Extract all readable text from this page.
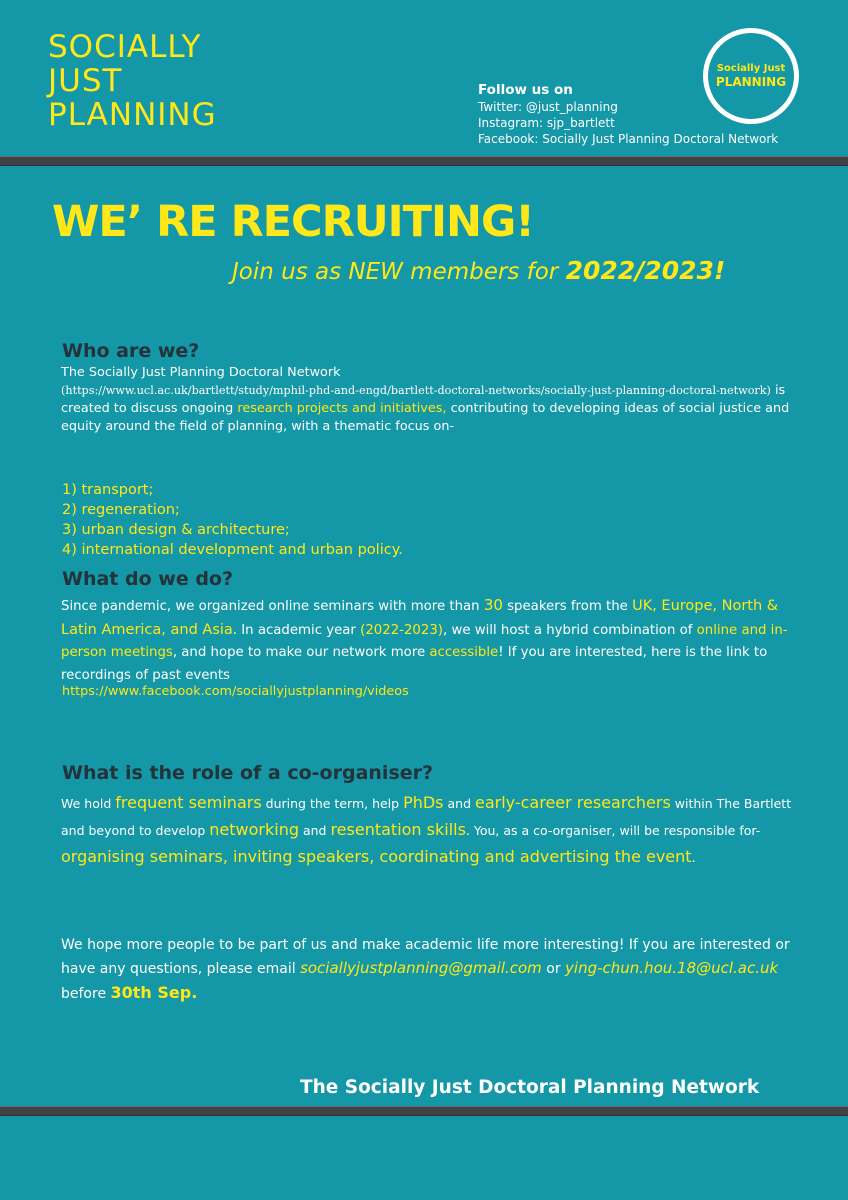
SOCIALLY
JUST
PLANNING
Follow us on
Twitter: @just_planning
Instagram: sjp_bartlett
Facebook: Socially Just Planning Doctoral Network
Socially Just
PLANNING
WE’ RE RECRUITING!
Join us as NEW members for 2022/2023!
Who are we?
The Socially Just Planning Doctoral Network
(https://www.ucl.ac.uk/bartlett/study/mphil-phd-and-engd/bartlett-doctoral-networks/socially-just-planning-doctoral-network) is created to discuss ongoing research projects and initiatives, contributing to developing ideas of social justice and equity around the field of planning, with a thematic focus on-
1) transport;
2) regeneration;
3) urban design & architecture;
4) international development and urban policy.
What do we do?
Since pandemic, we organized online seminars with more than 30 speakers from the UK, Europe, North & Latin America, and Asia. In academic year (2022-2023), we will host a hybrid combination of online and in-person meetings, and hope to make our network more accessible! If you are interested, here is the link to recordings of past events
https://www.facebook.com/sociallyjustplanning/videos
What is the role of a co-organiser?
We hold frequent seminars during the term, help PhDs and early-career researchers within The Bartlett and beyond to develop networking and resentation skills. You, as a co-organiser, will be responsible for- organising seminars, inviting speakers, coordinating and advertising the event.
We hope more people to be part of us and make academic life more interesting! If you are interested or have any questions, please email sociallyjustplanning@gmail.com or ying-chun.hou.18@ucl.ac.uk before 30th Sep.
The Socially Just Doctoral Planning Network
